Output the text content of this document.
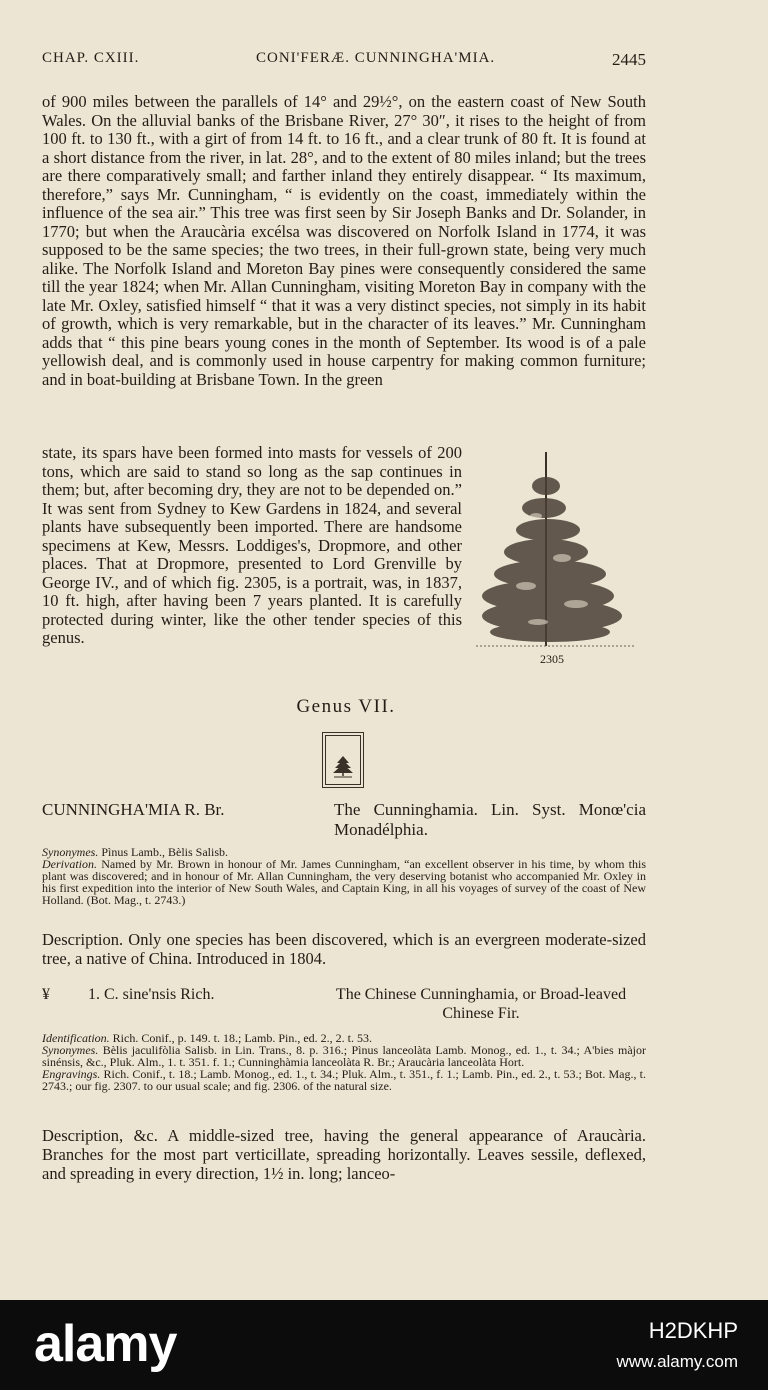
CHAP. CXIII.	CONI'FERÆ. CUNNINGHA'MIA.	2445

of 900 miles between the parallels of 14° and 29½°, on the eastern coast of New South Wales. On the alluvial banks of the Brisbane River, 27° 30″, it rises to the height of from 100 ft. to 130 ft., with a girt of from 14 ft. to 16 ft., and a clear trunk of 80 ft. It is found at a short distance from the river, in lat. 28°, and to the extent of 80 miles inland; but the trees are there comparatively small; and farther inland they entirely disappear. “ Its maximum, therefore,” says Mr. Cunningham, “ is evidently on the coast, immediately within the influence of the sea air.” This tree was first seen by Sir Joseph Banks and Dr. Solander, in 1770; but when the Araucària excélsa was discovered on Norfolk Island in 1774, it was supposed to be the same species; the two trees, in their full-grown state, being very much alike. The Norfolk Island and Moreton Bay pines were consequently considered the same till the year 1824; when Mr. Allan Cunningham, visiting Moreton Bay in company with the late Mr. Oxley, satisfied himself “ that it was a very distinct species, not simply in its habit of growth, which is very remarkable, but in the character of its leaves.” Mr. Cunningham adds that “ this pine bears young cones in the month of September. Its wood is of a pale yellowish deal, and is commonly used in house carpentry for making common furniture; and in boat-building at Brisbane Town. In the green

state, its spars have been formed into masts for vessels of 200 tons, which are said to stand so long as the sap continues in them; but, after becoming dry, they are not to be depended on.” It was sent from Sydney to Kew Gardens in 1824, and several plants have subsequently been imported. There are handsome specimens at Kew, Messrs. Loddiges's, Dropmore, and other places. That at Dropmore, presented to Lord Grenville by George IV., and of which fig. 2305, is a portrait, was, in 1837, 10 ft. high, after having been 7 years planted. It is carefully protected during winter, like the other tender species of this genus.

2305
Genus VII.
CUNNINGHA'MIA R. Br.	The Cunninghamia. Lin. Syst. Monœ'cia Monadélphia.

Synonymes. Pìnus Lamb., Bèlis Salisb.

Derivation. Named by Mr. Brown in honour of Mr. James Cunningham, “an excellent observer in his time, by whom this plant was discovered; and in honour of Mr. Allan Cunningham, the very deserving botanist who accompanied Mr. Oxley in his first expedition into the interior of New South Wales, and Captain King, in all his voyages of survey of the coast of New Holland. (Bot. Mag., t. 2743.)

Description. Only one species has been discovered, which is an evergreen moderate-sized tree, a native of China. Introduced in 1804.
¥ 1. C. sine'nsis Rich.	The Chinese Cunninghamia, or Broad-leaved Chinese Fir.

Identification. Rich. Conif., p. 149. t. 18.; Lamb. Pin., ed. 2., 2. t. 53.

Synonymes. Bèlis jaculifòlia Salisb. in Lin. Trans., 8. p. 316.; Pìnus lanceolàta Lamb. Monog., ed. 1., t. 34.; A'bies màjor sinénsis, &c., Pluk. Alm., 1. t. 351. f. 1.; Cunninghàmia lanceolàta R. Br.; Araucària lanceolàta Hort.

Engravings. Rich. Conif., t. 18.; Lamb. Monog., ed. 1., t. 34.; Pluk. Alm., t. 351., f. 1.; Lamb. Pin., ed. 2., t. 53.; Bot. Mag., t. 2743.; our fig. 2307. to our usual scale; and fig. 2306. of the natural size.

Description, &c. A middle-sized tree, having the general appearance of Araucària. Branches for the most part verticillate, spreading horizontally. Leaves sessile, deflexed, and spreading in every direction, 1½ in. long; lanceo-
alamy	H2DKHP
www.alamy.com
